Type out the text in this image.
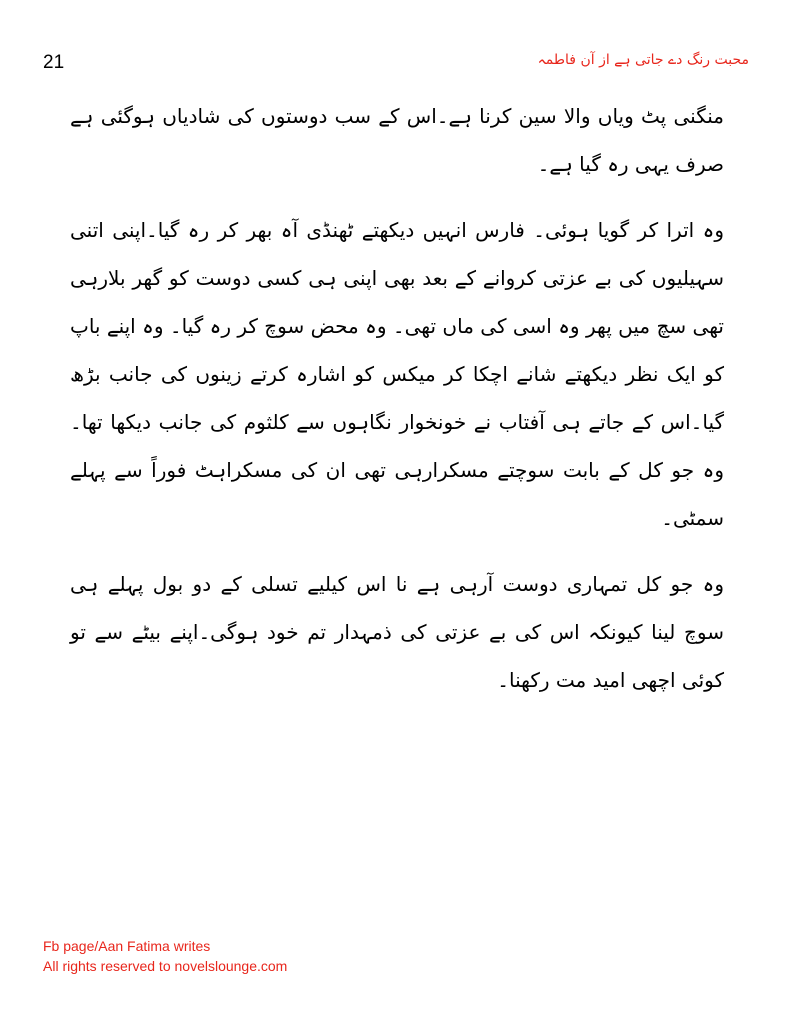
21	محبت رنگ دے جاتی ہے از آن فاطمہ

منگنی پٹ ویاں والا سین کرنا ہے۔اس کے سب دوستوں کی شادیاں ہوگئی ہے صرف یہی رہ گیا ہے۔

وہ اترا کر گویا ہوئی۔ فارس انہیں دیکھتے ٹھنڈی آہ بھر کر رہ گیا۔اپنی اتنی سہیلیوں کی بے عزتی کروانے کے بعد بھی اپنی ہی کسی دوست کو گھر بلارہی تھی سچ میں پھر وہ اسی کی ماں تھی۔ وہ محض سوچ کر رہ گیا۔ وہ اپنے باپ کو ایک نظر دیکھتے شانے اچکا کر میکس کو اشارہ کرتے زینوں کی جانب بڑھ گیا۔اس کے جاتے ہی آفتاب نے خونخوار نگاہوں سے کلثوم کی جانب دیکھا تھا۔ وہ جو کل کے بابت سوچتے مسکرارہی تھی ان کی مسکراہٹ فوراً سے پہلے سمٹی۔

وہ جو کل تمہاری دوست آرہی ہے نا اس کیلیے تسلی کے دو بول پہلے ہی سوچ لینا کیونکہ اس کی بے عزتی کی ذمہدار تم خود ہوگی۔اپنے بیٹے سے تو کوئی اچھی امید مت رکھنا۔

Fb page/Aan Fatima writes
All rights reserved to novelslounge.com
